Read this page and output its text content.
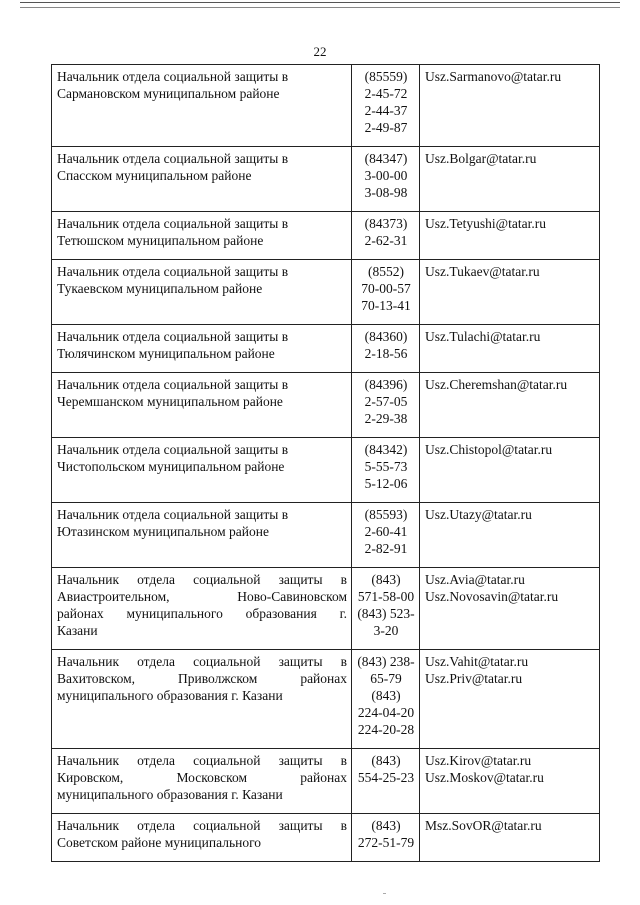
22
Начальник отдела социальной защиты в
Сармановском муниципальном районе	(85559)
2-45-72
2-44-37
2-49-87	Usz.Sarmanovo@tatar.ru

Начальник отдела социальной защиты в
Спасском муниципальном районе	(84347)
3-00-00
3-08-98	Usz.Bolgar@tatar.ru

Начальник отдела социальной защиты в
Тетюшском муниципальном районе	(84373)
2-62-31	Usz.Tetyushi@tatar.ru

Начальник отдела социальной защиты в
Тукаевском муниципальном районе	(8552)
70-00-57
70-13-41	Usz.Tukaev@tatar.ru

Начальник отдела социальной защиты в
Тюлячинском муниципальном районе	(84360)
2-18-56	Usz.Tulachi@tatar.ru

Начальник отдела социальной защиты в
Черемшанском муниципальном районе	(84396)
2-57-05
2-29-38	Usz.Cheremshan@tatar.ru

Начальник отдела социальной защиты в
Чистопольском муниципальном районе	(84342)
5-55-73
5-12-06	Usz.Chistopol@tatar.ru

Начальник отдела социальной защиты в
Ютазинском муниципальном районе	(85593)
2-60-41
2-82-91	Usz.Utazy@tatar.ru

Начальник отдела социальной защиты в
Авиастроительном, Ново-Савиновском
районах муниципального образования г.
Казани	(843)
571-58-00
(843) 523-
3-20	Usz.Avia@tatar.ru
Usz.Novosavin@tatar.ru

Начальник отдела социальной защиты в
Вахитовском, Приволжском районах
муниципального образования г. Казани	(843) 238-
65-79
(843)
224-04-20
224-20-28	Usz.Vahit@tatar.ru
Usz.Priv@tatar.ru

Начальник отдела социальной защиты в
Кировском, Московском районах
муниципального образования г. Казани	(843)
554-25-23	Usz.Kirov@tatar.ru
Usz.Moskov@tatar.ru

Начальник отдела социальной защиты в
Советском районе муниципального	(843)
272-51-79	Msz.SovOR@tatar.ru
